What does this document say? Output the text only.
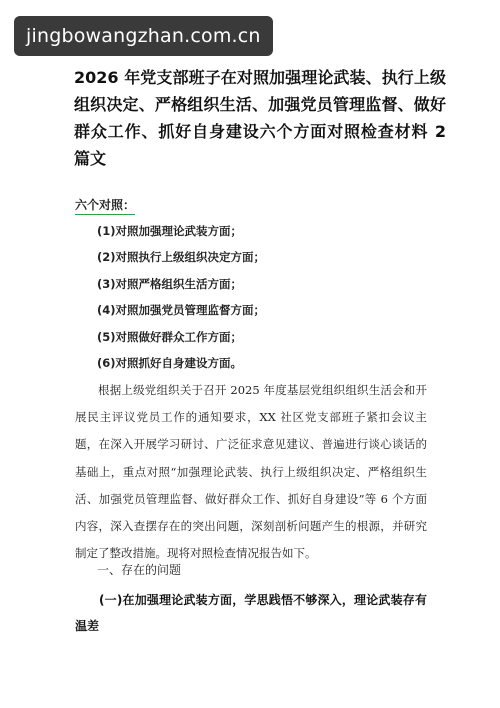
jingbowangzhan.com.cn
2026 年党支部班子在对照加强理论武装、执行上级组织决定、严格组织生活、加强党员管理监督、做好群众工作、抓好自身建设六个方面对照检查材料 2 篇文
六个对照：
(1)对照加强理论武装方面；
(2)对照执行上级组织决定方面；
(3)对照严格组织生活方面；
(4)对照加强党员管理监督方面；
(5)对照做好群众工作方面；
(6)对照抓好自身建设方面。

根据上级党组织关于召开 2025 年度基层党组织组织生活会和开展民主评议党员工作的通知要求，XX 社区党支部班子紧扣会议主题，在深入开展学习研讨、广泛征求意见建议、普遍进行谈心谈话的基础上，重点对照“加强理论武装、执行上级组织决定、严格组织生活、加强党员管理监督、做好群众工作、抓好自身建设”等 6 个方面内容，深入查摆存在的突出问题，深刻剖析问题产生的根源，并研究制定了整改措施。现将对照检查情况报告如下。

一、存在的问题

(一)在加强理论武装方面，学思践悟不够深入，理论武装存有温差
